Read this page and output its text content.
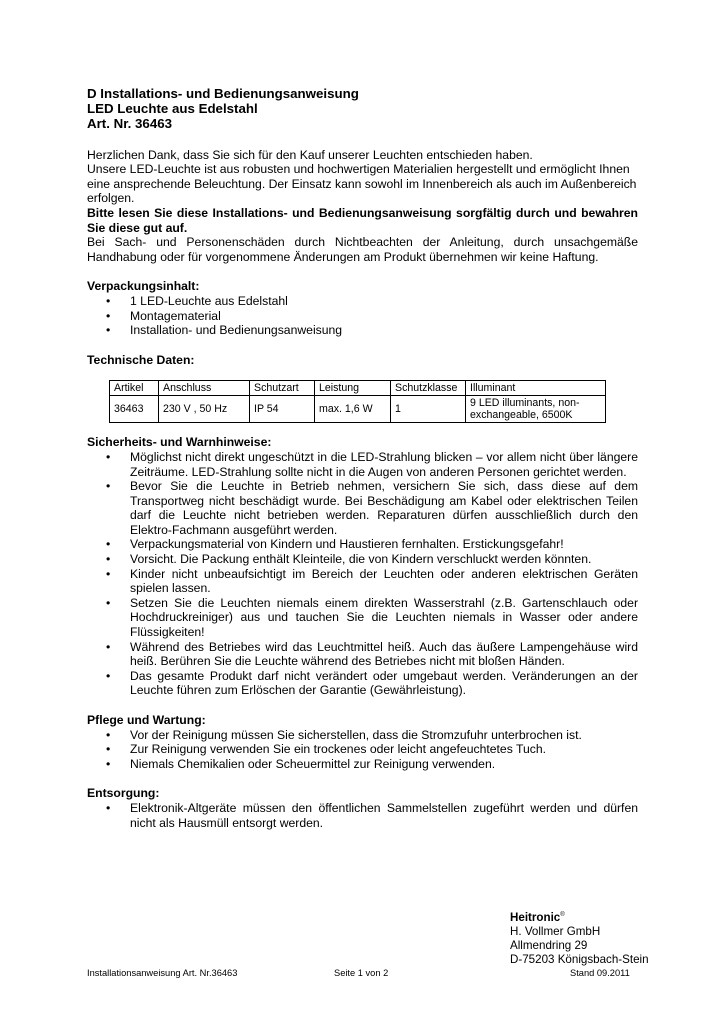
D Installations- und Bedienungsanweisung

LED Leuchte aus Edelstahl

Art. Nr. 36463

Herzlichen Dank, dass Sie sich für den Kauf unserer Leuchten entschieden haben.

Unsere LED-Leuchte ist aus robusten und hochwertigen Materialien hergestellt und ermöglicht Ihnen eine ansprechende Beleuchtung. Der Einsatz kann sowohl im Innenbereich als auch im Außenbereich erfolgen.

Bitte lesen Sie diese Installations- und Bedienungsanweisung sorgfältig durch und bewahren Sie diese gut auf.

Bei Sach- und Personenschäden durch Nichtbeachten der Anleitung, durch unsachgemäße Handhabung oder für vorgenommene Änderungen am Produkt übernehmen wir keine Haftung.

Verpackungsinhalt:

• 1 LED-Leuchte aus Edelstahl
• Montagematerial
• Installation- und Bedienungsanweisung

Technische Daten:

Artikel	Anschluss	Schutzart	Leistung	Schutzklasse	Illuminant
36463	230 V , 50 Hz	IP 54	max. 1,6 W	1	9 LED illuminants, non-exchangeable, 6500K

Sicherheits- und Warnhinweise:

• Möglichst nicht direkt ungeschützt in die LED-Strahlung blicken – vor allem nicht über längere Zeiträume. LED-Strahlung sollte nicht in die Augen von anderen Personen gerichtet werden.
• Bevor Sie die Leuchte in Betrieb nehmen, versichern Sie sich, dass diese auf dem Transportweg nicht beschädigt wurde. Bei Beschädigung am Kabel oder elektrischen Teilen darf die Leuchte nicht betrieben werden. Reparaturen dürfen ausschließlich durch den Elektro-Fachmann ausgeführt werden.
• Verpackungsmaterial von Kindern und Haustieren fernhalten. Erstickungsgefahr!
• Vorsicht. Die Packung enthält Kleinteile, die von Kindern verschluckt werden könnten.
• Kinder nicht unbeaufsichtigt im Bereich der Leuchten oder anderen elektrischen Geräten spielen lassen.
• Setzen Sie die Leuchten niemals einem direkten Wasserstrahl (z.B. Gartenschlauch oder Hochdruckreiniger) aus und tauchen Sie die Leuchten niemals in Wasser oder andere Flüssigkeiten!
• Während des Betriebes wird das Leuchtmittel heiß. Auch das äußere Lampengehäuse wird heiß. Berühren Sie die Leuchte während des Betriebes nicht mit bloßen Händen.
• Das gesamte Produkt darf nicht verändert oder umgebaut werden. Veränderungen an der Leuchte führen zum Erlöschen der Garantie (Gewährleistung).

Pflege und Wartung:

• Vor der Reinigung müssen Sie sicherstellen, dass die Stromzufuhr unterbrochen ist.
• Zur Reinigung verwenden Sie ein trockenes oder leicht angefeuchtetes Tuch.
• Niemals Chemikalien oder Scheuermittel zur Reinigung verwenden.

Entsorgung:

• Elektronik-Altgeräte müssen den öffentlichen Sammelstellen zugeführt werden und dürfen nicht als Hausmüll entsorgt werden.
Heitronic®
H. Vollmer GmbH
Allmendring 29
D-75203 Königsbach-Stein
Installationsanweisung Art. Nr.36463	Seite 1 von 2	Stand 09.2011
